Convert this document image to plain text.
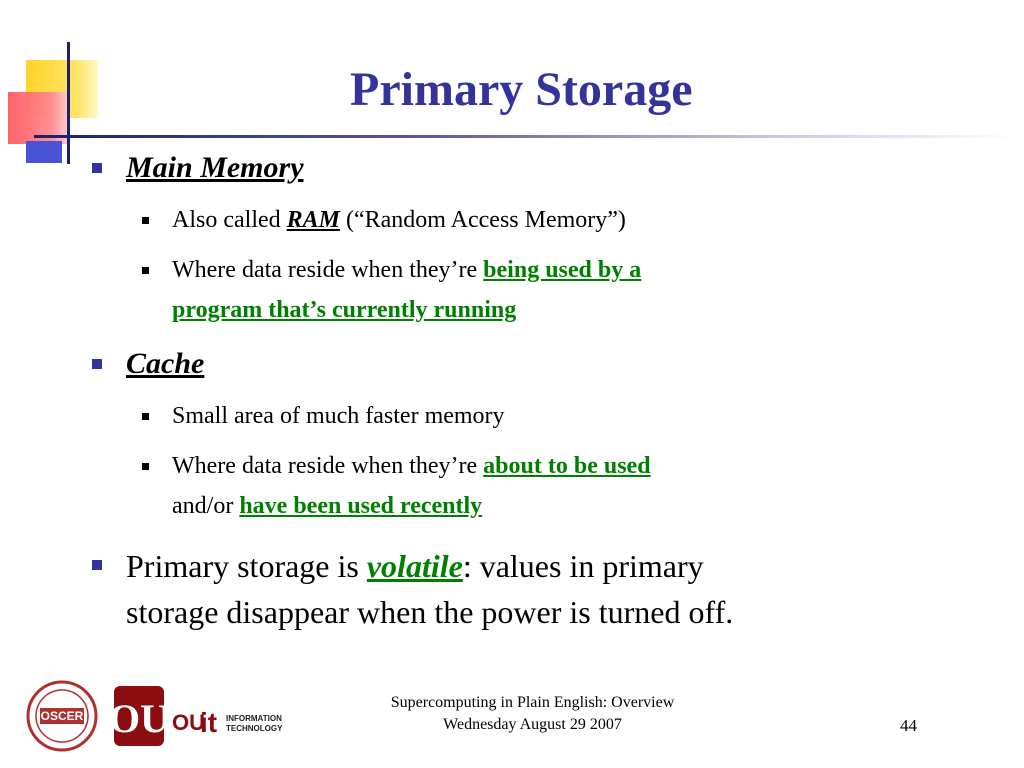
Primary Storage
Main Memory
Also called RAM (“Random Access Memory”)
Where data reside when they’re being used by a
program that’s currently running
Cache
Small area of much faster memory
Where data reside when they’re about to be used
and/or have been used recently
Primary storage is volatile: values in primary
storage disappear when the power is turned off.
OSCER OU OU
it INFORMATION
TECHNOLOGY
Supercomputing in Plain English: Overview
Wednesday August 29 2007	44
